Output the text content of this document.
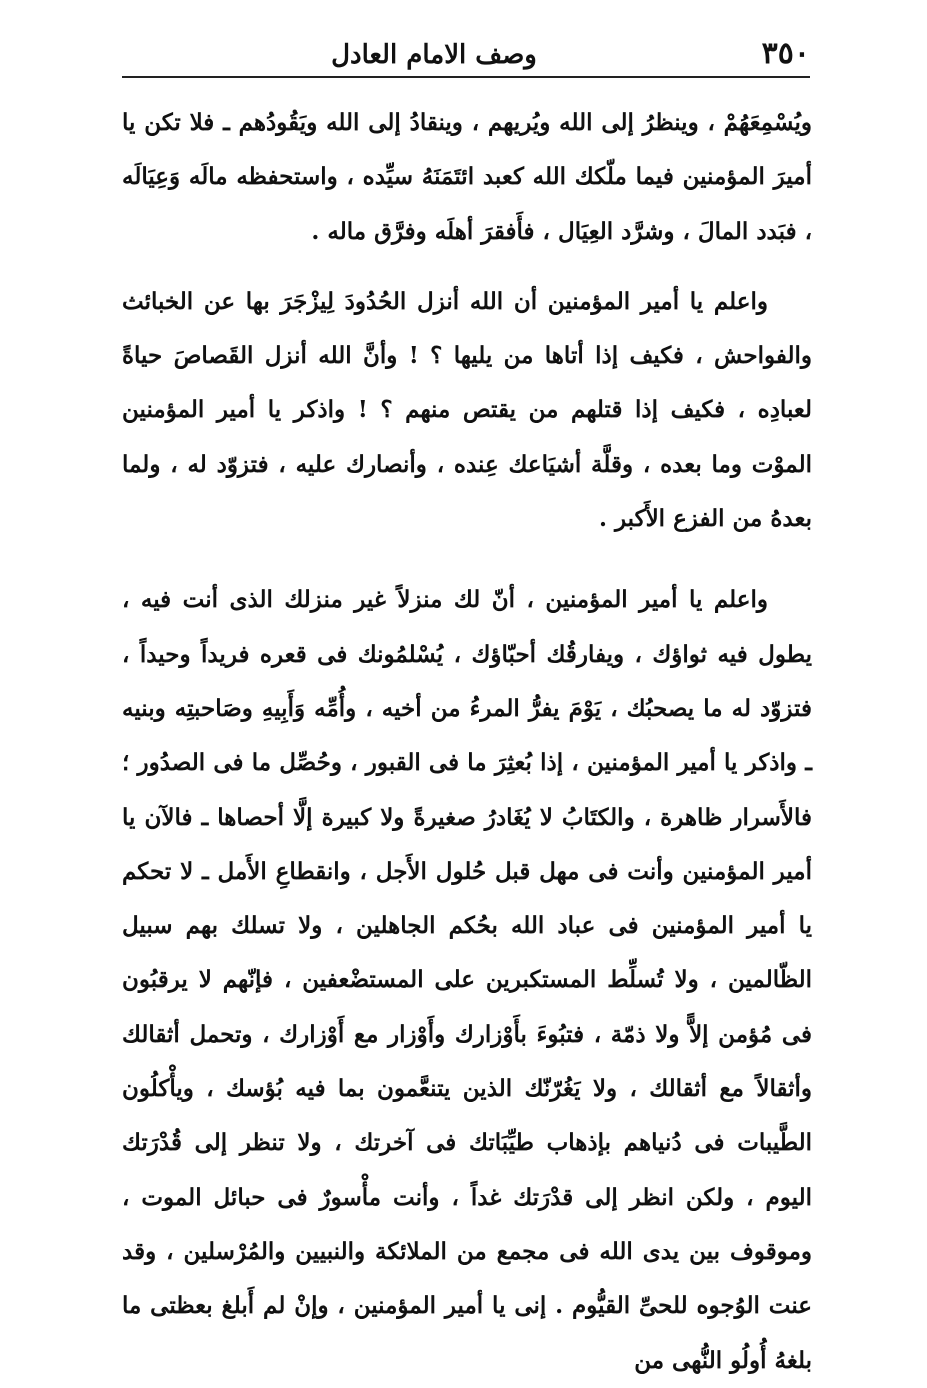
٣٥٠
وصف الامام العادل

ويُسْمِعَهُمْ ، وينظرُ إلى الله ويُريهم ، وينقادُ إلى الله ويَقُودُهم ـ فلا تكن يا أميرَ المؤمنين فيما ملّكك الله كعبد ائتَمَنَهُ سيِّده ، واستحفظه مالَه وَعِيَالَه ، فبَدد المالَ ، وشرَّد العِيَال ، فأَفقرَ أهلَه وفرَّق ماله .

واعلم يا أمير المؤمنين أن الله أنزل الحُدُودَ لِيزْجَرَ بها عن الخبائث والفواحش ، فكيف إذا أتاها من يليها ؟ ! وأنَّ الله أنزل القَصاصَ حياةً لعبادِه ، فكيف إذا قتلهم من يقتص منهم ؟ ! واذكر يا أمير المؤمنين الموْت وما بعده ، وقلَّة أشيَاعك عِنده ، وأنصارك عليه ، فتزوّد له ، ولما بعدهُ من الفزع الأَكبر .

واعلم يا أمير المؤمنين ، أنّ لك منزلاً غير منزلك الذى أنت فيه ، يطول فيه ثواؤك ، ويفارقُك أحبّاؤك ، يُسْلمُونك فى قعره فريداً وحيداً ، فتزوّد له ما يصحبُك ، يَوْمَ يفرُّ المرءُ من أخيه ، وأُمِّه وَأَبِيهِ وصَاحبتِه وبنيه ـ واذكر يا أمير المؤمنين ، إذا بُعثِرَ ما فى القبور ، وحُصِّل ما فى الصدُور ؛ فالأَسرار ظاهرة ، والكتَابُ لا يُغَادرُ صغيرةً ولا كبيرة إلَّا أحصاها ـ فالآن يا أمير المؤمنين وأنت فى مهل قبل حُلول الأَجل ، وانقطاعِ الأَمل ـ لا تحكم يا أمير المؤمنين فى عباد الله بحُكم الجاهلين ، ولا تسلك بهم سبيل الظّالمين ، ولا تُسلِّط المستكبرين على المستضْعفين ، فإنّهم لا يرقبُون فى مُؤمن إلاًّ ولا ذمّة ، فتبُوءَ بأَوْزارك وأَوْزار مع أَوْزارك ، وتحمل أثقالك وأثقالاً مع أثقالك ، ولا يَغُرّنّك الذين يتنعَّمون بما فيه بُؤسك ، ويأْكلُون الطَّيبات فى دُنياهم بإذهاب طيِّبَاتك فى آخرتك ، ولا تنظر إلى قُدْرَتك اليوم ، ولكن انظر إلى قدْرَتك غداً ، وأنت مأْسورٌ فى حبائل الموت ، وموقوف بين يدى الله فى مجمع من الملائكة والنبيين والمُرْسلين ، وقد عنت الوُجوه للحىِّ القيُّوم . إنى يا أمير المؤمنين ، وإنْ لم أَبلغ بعظتى ما بلغهُ أُولُو النُّهى من
